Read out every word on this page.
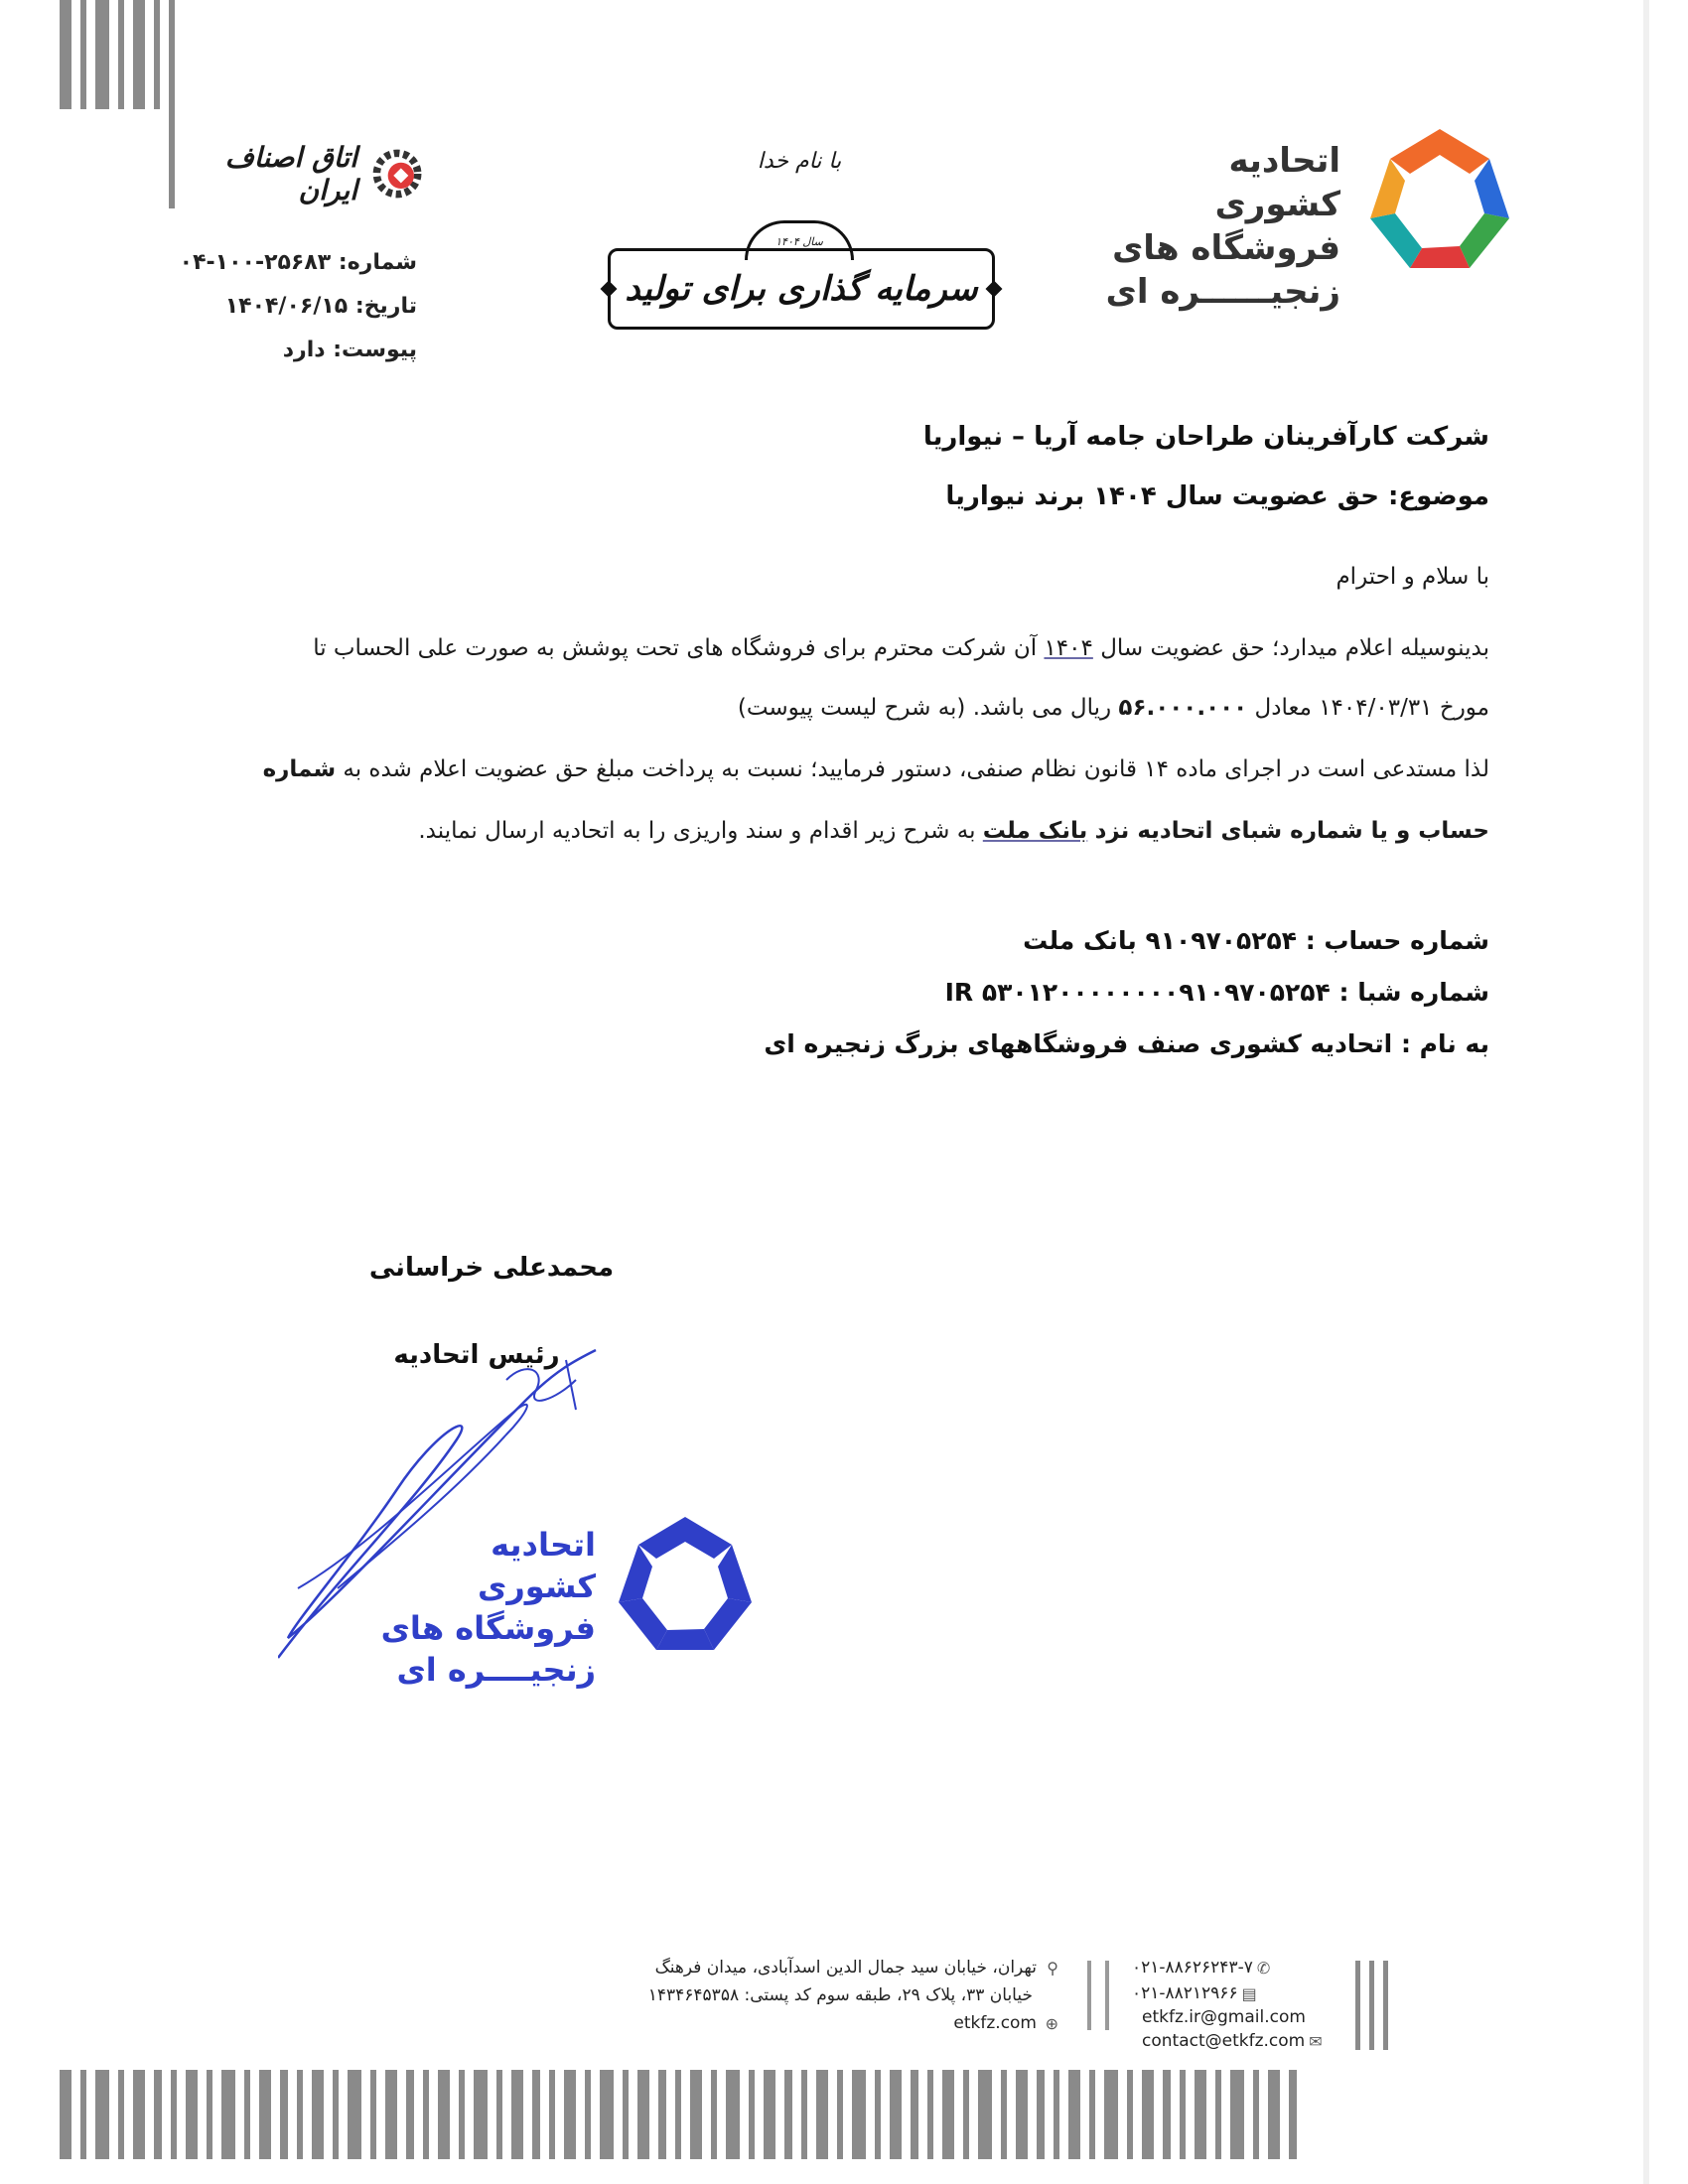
اتاق اصناف ایران
شماره: ۲۵۶۸۳-۱۰۰-۰۴
تاریخ: ۱۴۰۴/۰۶/۱۵
پیوست: دارد
با نام خدا
سال ۱۴۰۴
سرمایه گذاری برای تولید
اتحادیه کشوری
فروشگاه های
زنجیــــــره ای
شرکت کارآفرینان طراحان جامه آریا – نیواریا
موضوع: حق عضویت سال ۱۴۰۴ برند نیواریا
با سلام و احترام
بدینوسیله اعلام میدارد؛ حق عضویت سال ۱۴۰۴ آن شرکت محترم برای فروشگاه های تحت پوشش به صورت علی الحساب تا
مورخ ۱۴۰۴/۰۳/۳۱ معادل ۵۶.۰۰۰.۰۰۰ ریال می باشد. (به شرح لیست پیوست)
لذا مستدعی است در اجرای ماده ۱۴ قانون نظام صنفی، دستور فرمایید؛ نسبت به پرداخت مبلغ حق عضویت اعلام شده به شماره
حساب و یا شماره شبای اتحادیه نزد بانک ملت به شرح زیر اقدام و سند واریزی را به اتحادیه ارسال نمایند.
شماره حساب : ۹۱۰۹۷۰۵۲۵۴ بانک ملت
شماره شبا : IR ۵۳۰۱۲۰۰۰۰۰۰۰۰۹۱۰۹۷۰۵۲۵۴
به نام : اتحادیه کشوری صنف فروشگاههای بزرگ زنجیره ای
محمدعلی خراسانی
رئیس اتحادیه
اتحادیه کشوری
فروشگاه های
زنجیــــره ای
⚲تهران، خیابان سید جمال الدین اسدآبادی، میدان فرهنگ
خیابان ۳۳، پلاک ۲۹، طبقه سوم کد پستی: ۱۴۳۴۶۴۵۳۵۸
⊕etkfz.com
۰۲۱-۸۸۶۲۶۲۴۳-۷ ✆
۰۲۱-۸۸۲۱۲۹۶۶ ▤
etkfz.ir@gmail.com
contact@etkfz.com ✉
